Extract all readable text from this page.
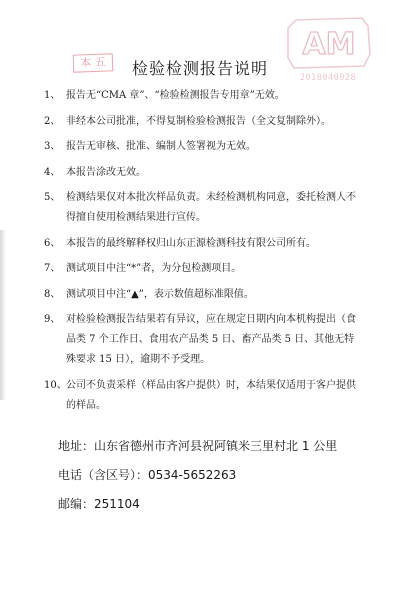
AM
2018040028
本 五	检验检测报告说明
1、 报告无“CMA 章”、“检验检测报告专用章”无效。
2、 非经本公司批准，不得复制检验检测报告（全文复制除外）。
3、 报告无审核、批准、编制人签署视为无效。
4、 本报告涂改无效。
5、 检测结果仅对本批次样品负责。未经检测机构同意，委托检测人不得擅自使用检测结果进行宣传。
6、 本报告的最终解释权归山东正源检测科技有限公司所有。
7、 测试项目中注“*”者，为分包检测项目。
8、 测试项目中注“▲”，表示数值超标准限值。
9、 对检验检测报告结果若有异议，应在规定日期内向本机构提出（食品类 7 个工作日、食用农产品类 5 日、畜产品类 5 日、其他无特殊要求 15 日），逾期不予受理。
10、公司不负责采样（样品由客户提供）时，本结果仅适用于客户提供的样品。
地址：山东省德州市齐河县祝阿镇米三里村北 1 公里
电话（含区号）：0534-5652263
邮编：251104
